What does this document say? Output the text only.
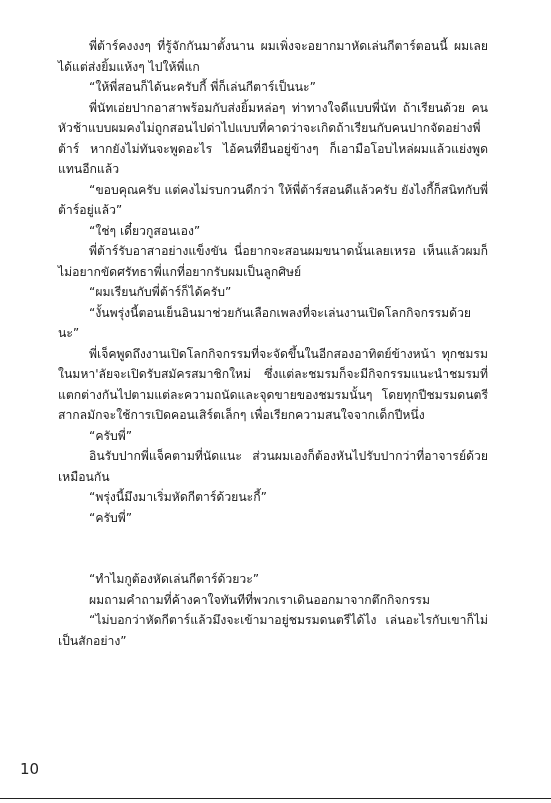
พี่ต้าร์คงงงๆ ที่รู้จักกันมาตั้งนาน ผมเพิ่งจะอยากมาหัดเล่นกีตาร์ตอนนี้ ผมเลยได้แต่ส่งยิ้มแห้งๆ ไปให้พี่แก

“ให้พี่สอนก็ได้นะครับกี้ พี่ก็เล่นกีตาร์เป็นนะ”

พี่นัทเอ่ยปากอาสาพร้อมกับส่งยิ้มหล่อๆ ท่าทางใจดีแบบพี่นัท ถ้าเรียนด้วย คนหัวช้าแบบผมคงไม่ถูกสอนไปด่าไปแบบที่คาดว่าจะเกิดถ้าเรียนกับคนปากจัดอย่างพี่ต้าร์ หากยังไม่ทันจะพูดอะไร ไอ้คนที่ยืนอยู่ข้างๆ ก็เอามือโอบไหล่ผมแล้วแย่งพูดแทนอีกแล้ว

“ขอบคุณครับ แต่คงไม่รบกวนดีกว่า ให้พี่ต้าร์สอนดีแล้วครับ ยังไงกี้ก็สนิทกับพี่ต้าร์อยู่แล้ว”

“ใช่ๆ เดี๋ยวกูสอนเอง”

พี่ต้าร์รับอาสาอย่างแข็งขัน นี่อยากจะสอนผมขนาดนั้นเลยเหรอ เห็นแล้วผมก็ไม่อยากขัดศรัทธาพี่แกที่อยากรับผมเป็นลูกศิษย์

“ผมเรียนกับพี่ต้าร์ก็ได้ครับ”

“งั้นพรุ่งนี้ตอนเย็นอินมาช่วยกันเลือกเพลงที่จะเล่นงานเปิดโลกกิจกรรมด้วยนะ”

พี่เจ็คพูดถึงงานเปิดโลกกิจกรรมที่จะจัดขึ้นในอีกสองอาทิตย์ข้างหน้า ทุกชมรมในมหา'ลัยจะเปิดรับสมัครสมาชิกใหม่ ซึ่งแต่ละชมรมก็จะมีกิจกรรมแนะนำชมรมที่แตกต่างกันไปตามแต่ละความถนัดและจุดขายของชมรมนั้นๆ โดยทุกปีชมรมดนตรีสากลมักจะใช้การเปิดคอนเสิร์ตเล็กๆ เพื่อเรียกความสนใจจากเด็กปีหนึ่ง

“ครับพี่”

อินรับปากพี่แจ็คตามที่นัดแนะ ส่วนผมเองก็ต้องหันไปรับปากว่าที่อาจารย์ด้วยเหมือนกัน

“พรุ่งนี้มึงมาเริ่มหัดกีตาร์ด้วยนะกี้”

“ครับพี่”

“ทำไมกูต้องหัดเล่นกีตาร์ด้วยวะ”

ผมถามคำถามที่ค้างคาใจทันทีที่พวกเราเดินออกมาจากตึกกิจกรรม

“ไม่บอกว่าหัดกีตาร์แล้วมึงจะเข้ามาอยู่ชมรมดนตรีได้ไง เล่นอะไรกับเขาก็ไม่เป็นสักอย่าง”

10
